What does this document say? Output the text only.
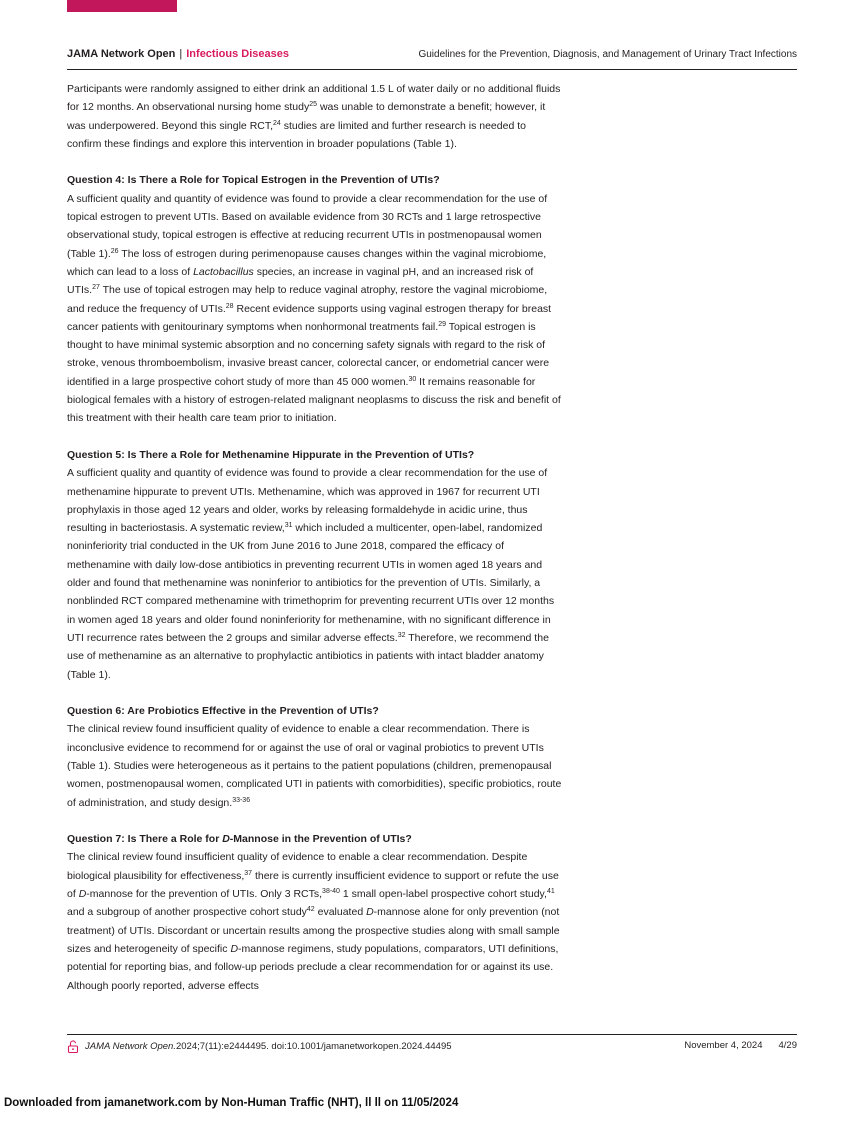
JAMA Network Open | Infectious Diseases	Guidelines for the Prevention, Diagnosis, and Management of Urinary Tract Infections

Participants were randomly assigned to either drink an additional 1.5 L of water daily or no additional fluids for 12 months. An observational nursing home study$^{25}$ was unable to demonstrate a benefit; however, it was underpowered. Beyond this single RCT,$^{24}$ studies are limited and further research is needed to confirm these findings and explore this intervention in broader populations (Table 1).

Question 4: Is There a Role for Topical Estrogen in the Prevention of UTIs?

A sufficient quality and quantity of evidence was found to provide a clear recommendation for the use of topical estrogen to prevent UTIs. Based on available evidence from 30 RCTs and 1 large retrospective observational study, topical estrogen is effective at reducing recurrent UTIs in postmenopausal women (Table 1).$^{26}$ The loss of estrogen during perimenopause causes changes within the vaginal microbiome, which can lead to a loss of Lactobacillus species, an increase in vaginal pH, and an increased risk of UTIs.$^{27}$ The use of topical estrogen may help to reduce vaginal atrophy, restore the vaginal microbiome, and reduce the frequency of UTIs.$^{28}$ Recent evidence supports using vaginal estrogen therapy for breast cancer patients with genitourinary symptoms when nonhormonal treatments fail.$^{29}$ Topical estrogen is thought to have minimal systemic absorption and no concerning safety signals with regard to the risk of stroke, venous thromboembolism, invasive breast cancer, colorectal cancer, or endometrial cancer were identified in a large prospective cohort study of more than 45 000 women.$^{30}$ It remains reasonable for biological females with a history of estrogen-related malignant neoplasms to discuss the risk and benefit of this treatment with their health care team prior to initiation.

Question 5: Is There a Role for Methenamine Hippurate in the Prevention of UTIs?

A sufficient quality and quantity of evidence was found to provide a clear recommendation for the use of methenamine hippurate to prevent UTIs. Methenamine, which was approved in 1967 for recurrent UTI prophylaxis in those aged 12 years and older, works by releasing formaldehyde in acidic urine, thus resulting in bacteriostasis. A systematic review,$^{31}$ which included a multicenter, open-label, randomized noninferiority trial conducted in the UK from June 2016 to June 2018, compared the efficacy of methenamine with daily low-dose antibiotics in preventing recurrent UTIs in women aged 18 years and older and found that methenamine was noninferior to antibiotics for the prevention of UTIs. Similarly, a nonblinded RCT compared methenamine with trimethoprim for preventing recurrent UTIs over 12 months in women aged 18 years and older found noninferiority for methenamine, with no significant difference in UTI recurrence rates between the 2 groups and similar adverse effects.$^{32}$ Therefore, we recommend the use of methenamine as an alternative to prophylactic antibiotics in patients with intact bladder anatomy (Table 1).

Question 6: Are Probiotics Effective in the Prevention of UTIs?

The clinical review found insufficient quality of evidence to enable a clear recommendation. There is inconclusive evidence to recommend for or against the use of oral or vaginal probiotics to prevent UTIs (Table 1). Studies were heterogeneous as it pertains to the patient populations (children, premenopausal women, postmenopausal women, complicated UTI in patients with comorbidities), specific probiotics, route of administration, and study design.$^{33-36}$

Question 7: Is There a Role for D-Mannose in the Prevention of UTIs?

The clinical review found insufficient quality of evidence to enable a clear recommendation. Despite biological plausibility for effectiveness,$^{37}$ there is currently insufficient evidence to support or refute the use of D-mannose for the prevention of UTIs. Only 3 RCTs,$^{38-40}$ 1 small open-label prospective cohort study,$^{41}$ and a subgroup of another prospective cohort study$^{42}$ evaluated D-mannose alone for only prevention (not treatment) of UTIs. Discordant or uncertain results among the prospective studies along with small sample sizes and heterogeneity of specific D-mannose regimens, study populations, comparators, UTI definitions, potential for reporting bias, and follow-up periods preclude a clear recommendation for or against its use. Although poorly reported, adverse effects

JAMA Network Open. 2024;7(11):e2444495. doi:10.1001/jamanetworkopen.2024.44495	November 4, 2024 4/29
Downloaded from jamanetwork.com by Non-Human Traffic (NHT), ll ll on 11/05/2024
